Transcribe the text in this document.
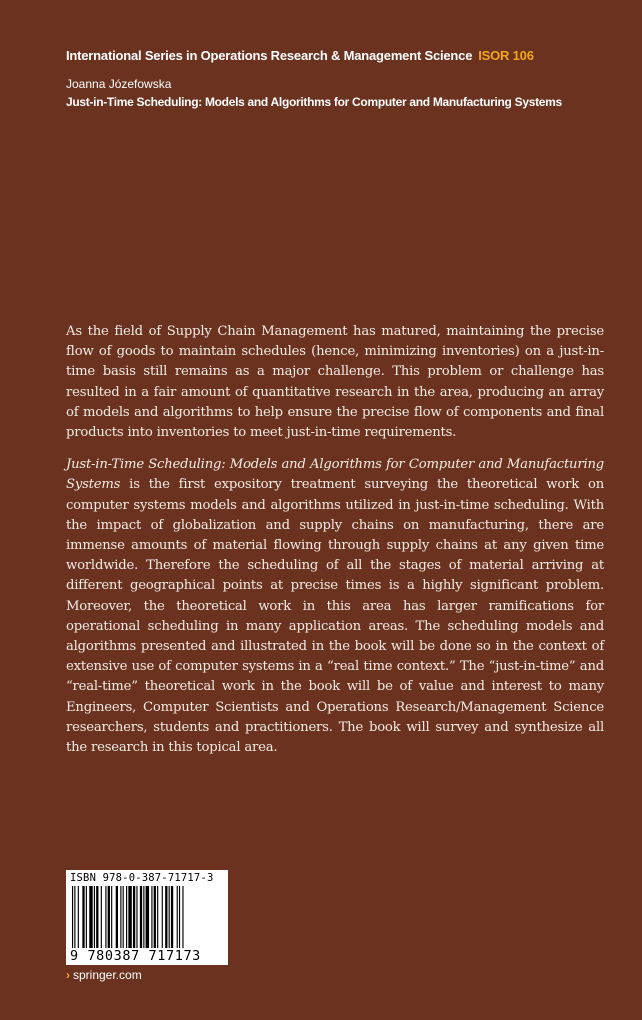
International Series in Operations Research & Management Science ISOR 106
Joanna Józefowska
Just-in-Time Scheduling: Models and Algorithms for Computer and Manufacturing Systems

As the field of Supply Chain Management has matured, maintaining the precise flow of goods to maintain schedules (hence, minimizing inventories) on a just-in-time basis still remains as a major challenge. This problem or challenge has resulted in a fair amount of quantitative research in the area, producing an array of models and algorithms to help ensure the precise flow of components and final products into inventories to meet just-in-time requirements.

Just-in-Time Scheduling: Models and Algorithms for Computer and Manufacturing Systems is the first expository treatment surveying the theoretical work on computer systems models and algorithms utilized in just-in-time scheduling. With the impact of globalization and supply chains on manufacturing, there are immense amounts of material flowing through supply chains at any given time worldwide. Therefore the scheduling of all the stages of material arriving at different geographical points at precise times is a highly significant problem. Moreover, the theoretical work in this area has larger ramifications for operational scheduling in many application areas. The scheduling models and algorithms presented and illustrated in the book will be done so in the context of extensive use of computer systems in a “real time context.” The “just-in-time” and “real-time” theoretical work in the book will be of value and interest to many Engineers, Computer Scientists and Operations Research/Management Science researchers, students and practitioners. The book will survey and synthesize all the research in this topical area.

ISBN 978-0-387-71717-3
9 780387 717173
› springer.com
